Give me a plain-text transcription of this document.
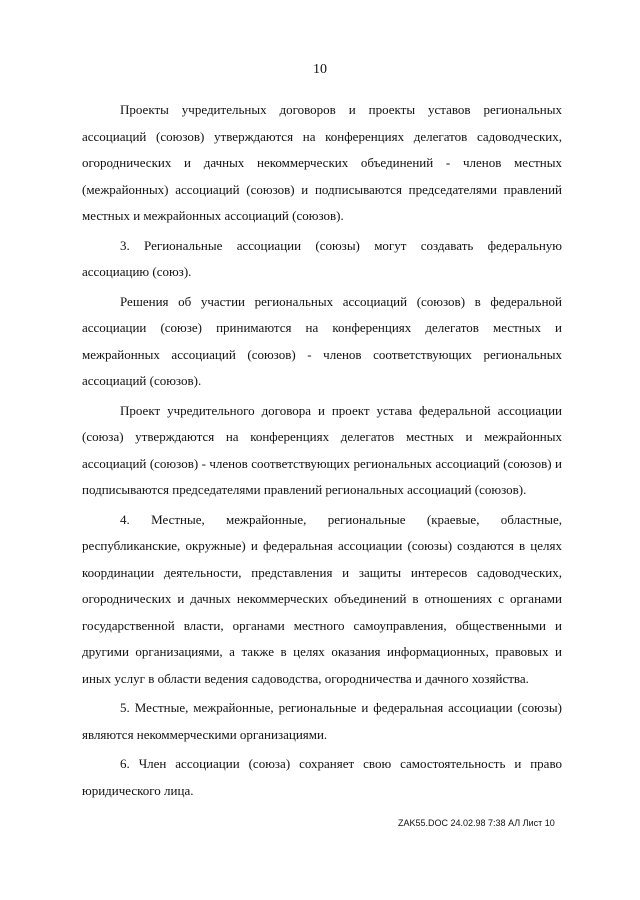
10

Проекты учредительных договоров и проекты уставов региональных ассоциаций (союзов) утверждаются на конференциях делегатов садоводческих, огороднических и дачных некоммерческих объединений - членов местных (межрайонных) ассоциаций (союзов) и подписываются председателями правлений местных и межрайонных ассоциаций (союзов).

3. Региональные ассоциации (союзы) могут создавать федеральную ассоциацию (союз).

Решения об участии региональных ассоциаций (союзов) в федеральной ассоциации (союзе) принимаются на конференциях делегатов местных и межрайонных ассоциаций (союзов) - членов соответствующих региональных ассоциаций (союзов).

Проект учредительного договора и проект устава федеральной ассоциации (союза) утверждаются на конференциях делегатов местных и межрайонных ассоциаций (союзов) - членов соответствующих региональных ассоциаций (союзов) и подписываются председателями правлений региональных ассоциаций (союзов).

4. Местные, межрайонные, региональные (краевые, областные, республиканские, окружные) и федеральная ассоциации (союзы) создаются в целях координации деятельности, представления и защиты интересов садоводческих, огороднических и дачных некоммерческих объединений в отношениях с органами государственной власти, органами местного самоуправления, общественными и другими организациями, а также в целях оказания информационных, правовых и иных услуг в области ведения садоводства, огородничества и дачного хозяйства.

5. Местные, межрайонные, региональные и федеральная ассоциации (союзы) являются некоммерческими организациями.

6. Член ассоциации (союза) сохраняет свою самостоятельность и право юридического лица.

ZAK55.DOC 24.02.98 7:38 АЛ Лист 10
